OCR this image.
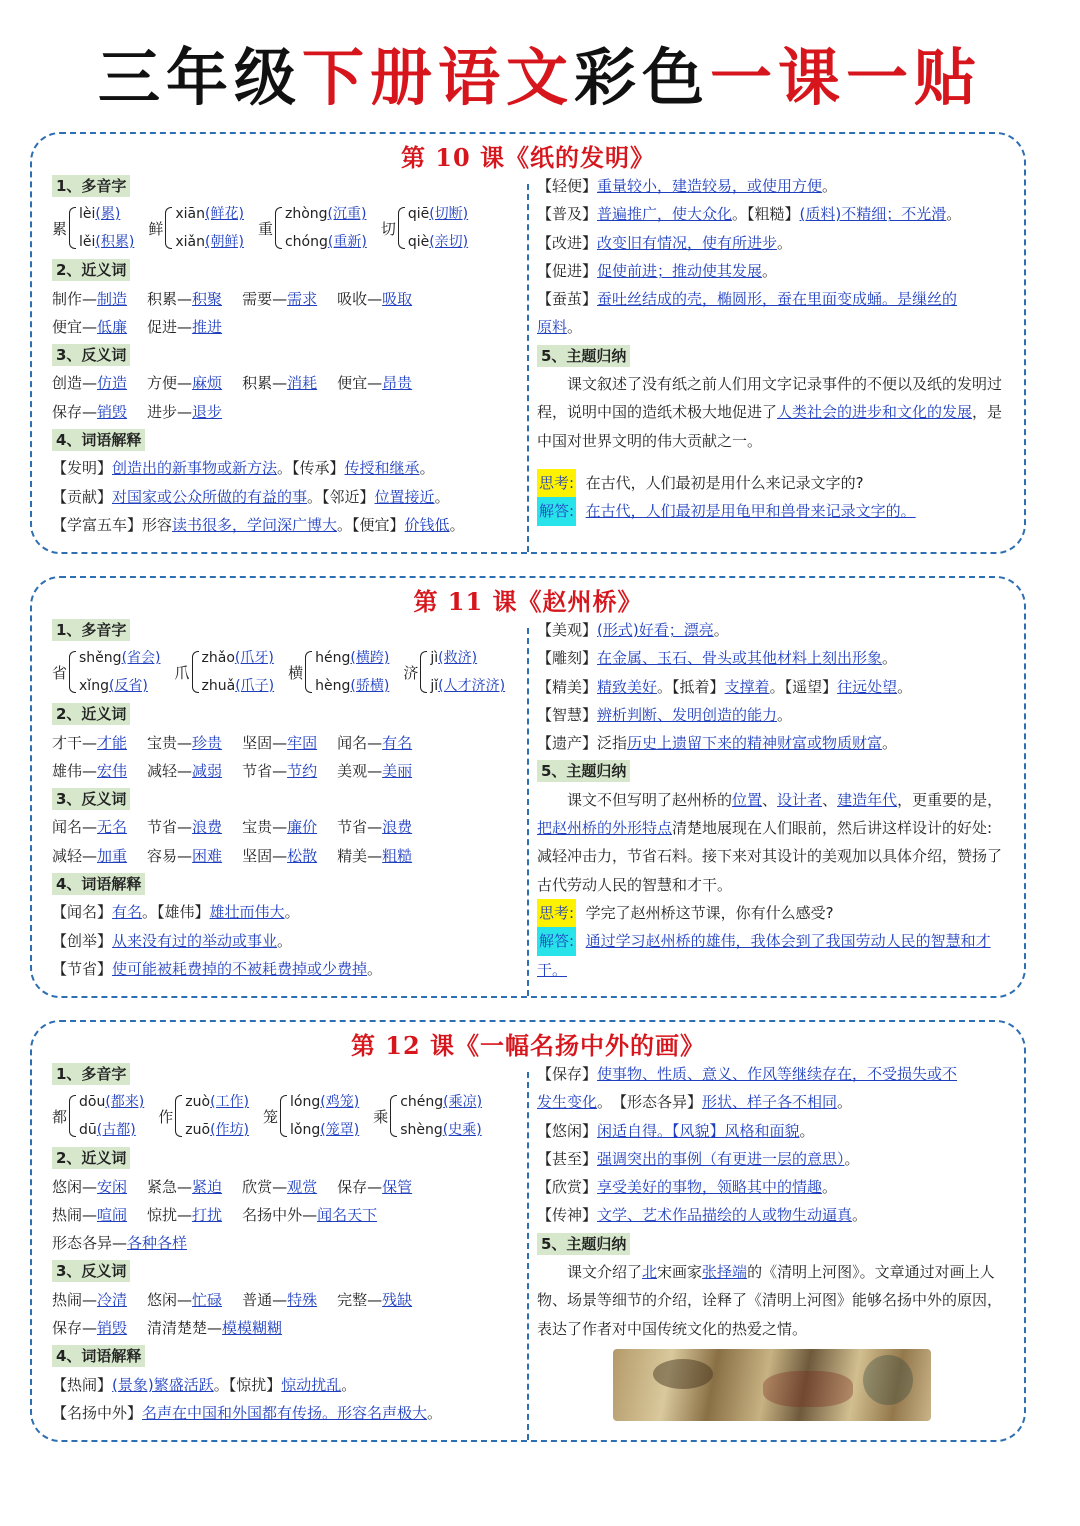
三年级下册语文彩色一课一贴
第 10 课《纸的发明》
1、多音字
累
lèi(累)
lěi(积累)
鲜
xiān(鲜花)
xiǎn(朝鲜)
重
zhòng(沉重)
chóng(重新)
切
qiē(切断)
qiè(亲切)
2、近义词
制作—制造 积累—积聚 需要—需求 吸收—吸取
便宜—低廉 促进—推进
3、反义词
创造—仿造 方便—麻烦 积累—消耗 便宜—昂贵
保存—销毁 进步—退步
4、词语解释
【发明】创造出的新事物或新方法。【传承】传授和继承。
【贡献】对国家或公众所做的有益的事。【邻近】位置接近。
【学富五车】形容读书很多，学问深广博大。【便宜】价钱低。
【轻便】重量较小，建造较易，或使用方便。
【普及】普遍推广，使大众化。【粗糙】(质料)不精细；不光滑。
【改进】改变旧有情况，使有所进步。
【促进】促使前进；推动使其发展。
【蚕茧】蚕吐丝结成的壳，椭圆形，蚕在里面变成蛹。是缫丝的
原料。
5、主题归纳
课文叙述了没有纸之前人们用文字记录事件的不便以及纸的发明过程，说明中国的造纸术极大地促进了人类社会的进步和文化的发展，是中国对世界文明的伟大贡献之一。
思考: 在古代，人们最初是用什么来记录文字的?
解答: 在古代，人们最初是用龟甲和兽骨来记录文字的。
第 11 课《赵州桥》
1、多音字
省
shěng(省会)
xǐng(反省)
爪
zhǎo(爪牙)
zhuǎ(爪子)
横
héng(横跨)
hèng(骄横)
济
jì(救济)
jǐ(人才济济)
2、近义词
才干—才能 宝贵—珍贵 坚固—牢固 闻名—有名
雄伟—宏伟 减轻—减弱 节省—节约 美观—美丽
3、反义词
闻名—无名 节省—浪费 宝贵—廉价 节省—浪费
减轻—加重 容易—困难 坚固—松散 精美—粗糙
4、词语解释
【闻名】有名。【雄伟】雄壮而伟大。
【创举】从来没有过的举动或事业。
【节省】使可能被耗费掉的不被耗费掉或少费掉。
【美观】(形式)好看；漂亮。
【雕刻】在金属、玉石、骨头或其他材料上刻出形象。
【精美】精致美好。【抵着】支撑着。【遥望】往远处望。
【智慧】辨析判断、发明创造的能力。
【遗产】泛指历史上遗留下来的精神财富或物质财富。
5、主题归纳
课文不但写明了赵州桥的位置、设计者、建造年代，更重要的是，把赵州桥的外形特点清楚地展现在人们眼前，然后讲这样设计的好处:减轻冲击力，节省石料。接下来对其设计的美观加以具体介绍，赞扬了古代劳动人民的智慧和才干。
思考: 学完了赵州桥这节课，你有什么感受?
解答: 通过学习赵州桥的雄伟，我体会到了我国劳动人民的智慧和才干。
第 12 课《一幅名扬中外的画》
1、多音字
都
dōu(都来)
dū(古都)
作
zuò(工作)
zuō(作坊)
笼
lóng(鸡笼)
lǒng(笼罩)
乘
chéng(乘凉)
shèng(史乘)
2、近义词
悠闲—安闲 紧急—紧迫 欣赏—观赏 保存—保管
热闹—喧闹 惊扰—打扰 名扬中外—闻名天下
形态各异—各种各样
3、反义词
热闹—冷清 悠闲—忙碌 普通—特殊 完整—残缺
保存—销毁 清清楚楚—模模糊糊
4、词语解释
【热闹】(景象)繁盛活跃。【惊扰】惊动扰乱。
【名扬中外】名声在中国和外国都有传扬。形容名声极大。
【保存】使事物、性质、意义、作风等继续存在，不受损失或不
发生变化。　【形态各异】形状、样子各不相同。
【悠闲】闲适自得。【风貌】风格和面貌。
【甚至】强调突出的事例（有更进一层的意思）。
【欣赏】享受美好的事物，领略其中的情趣。
【传神】文学、艺术作品描绘的人或物生动逼真。
5、主题归纳
课文介绍了北宋画家张择端的《清明上河图》。文章通过对画上人物、场景等细节的介绍，诠释了《清明上河图》能够名扬中外的原因，表达了作者对中国传统文化的热爱之情。
